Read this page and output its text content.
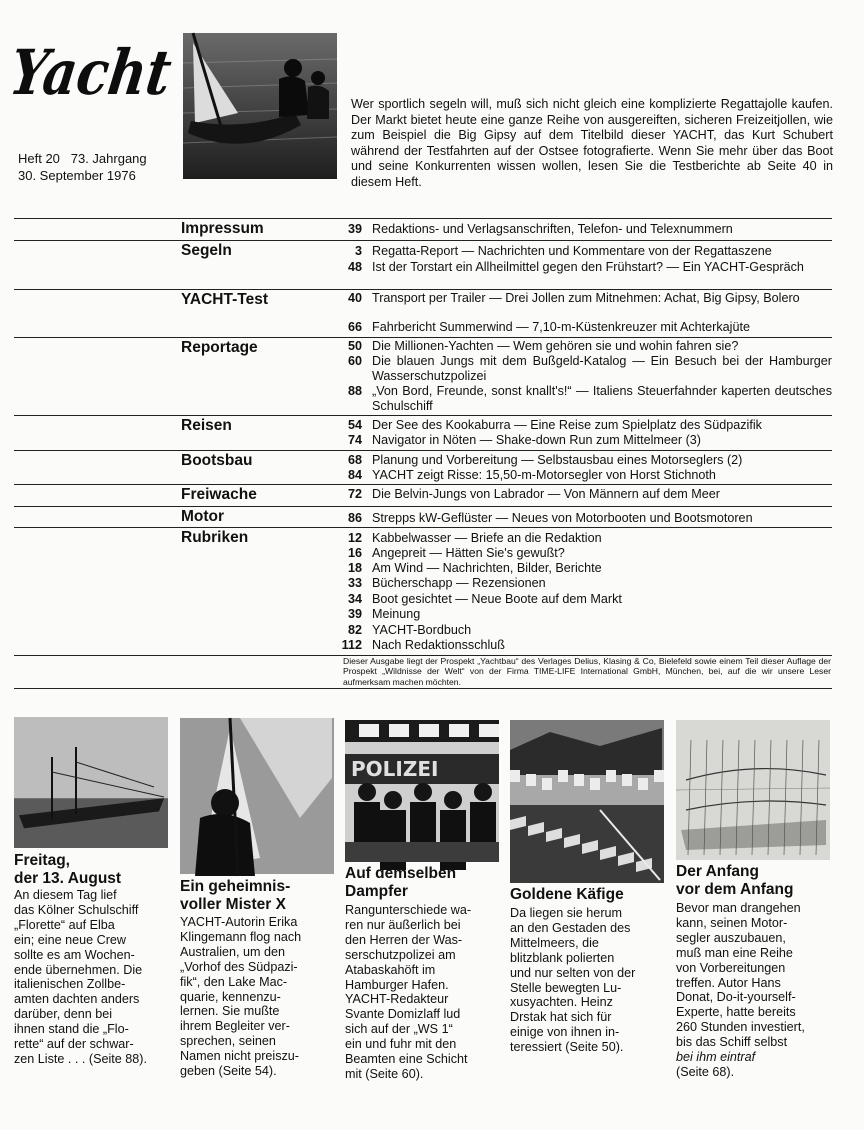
Yacht
Heft 20   73. Jahrgang
30. September 1976
Wer sportlich segeln will, muß sich nicht gleich eine komplizierte Regattajolle kaufen. Der Markt bietet heute eine ganze Reihe von ausgereiften, sicheren Freizeitjollen, wie zum Beispiel die Big Gipsy auf dem Titelbild dieser YACHT, das Kurt Schubert während der Testfahrten auf der Ostsee fotografierte. Wenn Sie mehr über das Boot und seine Konkurrenten wissen wollen, lesen Sie die Testberichte ab Seite 40 in diesem Heft.
Impressum	39 Redaktions- und Verlagsanschriften, Telefon- und Telexnummern
Segeln	3 Regatta-Report — Nachrichten und Kommentare von der Regattaszene
48 Ist der Torstart ein Allheilmittel gegen den Frühstart? — Ein YACHT-Gespräch
YACHT-Test	40 Transport per Trailer — Drei Jollen zum Mitnehmen: Achat, Big Gipsy, Bolero
66 Fahrbericht Summerwind — 7,10-m-Küstenkreuzer mit Achterkajüte
Reportage	50 Die Millionen-Yachten — Wem gehören sie und wohin fahren sie?
60 Die blauen Jungs mit dem Bußgeld-Katalog — Ein Besuch bei der Hamburger Wasserschutzpolizei
88 „Von Bord, Freunde, sonst knallt's!“ — Italiens Steuerfahnder kaperten deutsches Schulschiff
Reisen	54 Der See des Kookaburra — Eine Reise zum Spielplatz des Südpazifik
74 Navigator in Nöten — Shake-down Run zum Mittelmeer (3)
Bootsbau	68 Planung und Vorbereitung — Selbstausbau eines Motorseglers (2)
84 YACHT zeigt Risse: 15,50-m-Motorsegler von Horst Stichnoth
Freiwache	72 Die Belvin-Jungs von Labrador — Von Männern auf dem Meer
Motor	86 Strepps kW-Geflüster — Neues von Motorbooten und Bootsmotoren
Rubriken	12 Kabbelwasser — Briefe an die Redaktion
16 Angepreit — Hätten Sie's gewußt?
18 Am Wind — Nachrichten, Bilder, Berichte
33 Bücherschapp — Rezensionen
34 Boot gesichtet — Neue Boote auf dem Markt
39 Meinung
82 YACHT-Bordbuch
112 Nach Redaktionsschluß
Dieser Ausgabe liegt der Prospekt „Yachtbau“ des Verlages Delius, Klasing & Co, Bielefeld sowie einem Teil dieser Auflage der Prospekt „Wildnisse der Welt“ von der Firma TIME-LIFE International GmbH, München, bei, auf die wir unsere Leser aufmerksam machen möchten.
Freitag,
der 13. August
An diesem Tag lief
das Kölner Schulschiff
„Florette“ auf Elba
ein; eine neue Crew
sollte es am Wochen-
ende übernehmen. Die
italienischen Zollbe-
amten dachten anders
darüber, denn bei
ihnen stand die „Flo-
rette“ auf der schwar-
zen Liste . . . (Seite 88).
Ein geheimnis-
voller Mister X
YACHT-Autorin Erika
Klingemann flog nach
Australien, um den
„Vorhof des Südpazi-
fik“, den Lake Mac-
quarie, kennenzu-
lernen. Sie mußte
ihrem Begleiter ver-
sprechen, seinen
Namen nicht preiszu-
geben (Seite 54).
POLIZEI
Auf demselben
Dampfer
Rangunterschiede wa-
ren nur äußerlich bei
den Herren der Was-
serschutzpolizei am
Atabaskahöft im
Hamburger Hafen.
YACHT-Redakteur
Svante Domizlaff lud
sich auf der „WS 1“
ein und fuhr mit den
Beamten eine Schicht
mit (Seite 60).
Goldene Käfige
Da liegen sie herum
an den Gestaden des
Mittelmeers, die
blitzblank polierten
und nur selten von der
Stelle bewegten Lu-
xusyachten. Heinz
Drstak hat sich für
einige von ihnen in-
teressiert (Seite 50).
Der Anfang
vor dem Anfang
Bevor man drangehen
kann, seinen Motor-
segler auszubauen,
muß man eine Reihe
von Vorbereitungen
treffen. Autor Hans
Donat, Do-it-yourself-
Experte, hatte bereits
260 Stunden investiert,
bis das Schiff selbst
bei ihm eintraf
(Seite 68).
